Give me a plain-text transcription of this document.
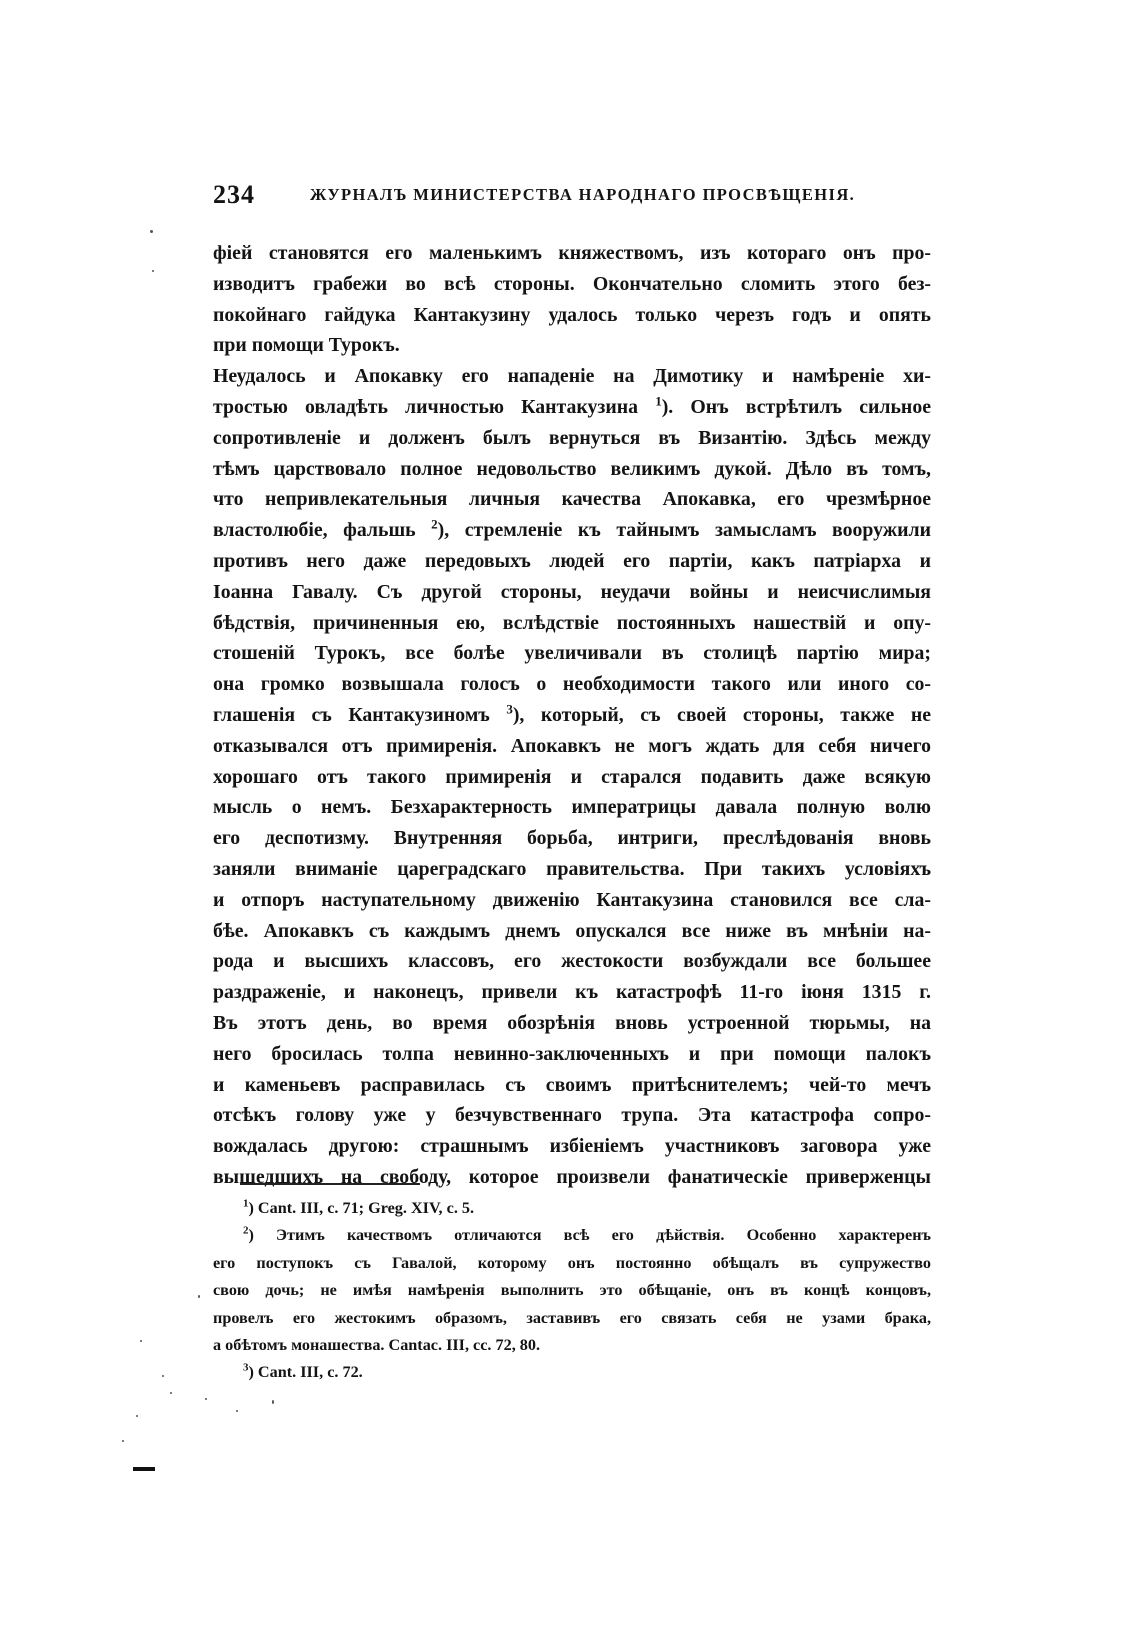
234	ЖУРНАЛЪ МИНИСТЕРСТВА НАРОДНАГО ПРОСВѢЩЕНІЯ.
фіей становятся его маленькимъ княжествомъ, изъ котораго онъ про-
изводитъ грабежи во всѣ стороны. Окончательно сломить этого без-
покойнаго гайдука Кантакузину удалось только черезъ годъ и опять
при помощи Турокъ.
Неудалось и Апокавку его нападеніе на Димотику и намѣреніе хи-
тростью овладѣть личностью Кантакузина $^1$). Онъ встрѣтилъ сильное
сопротивленіе и долженъ былъ вернуться въ Византію. Здѣсь между
тѣмъ царствовало полное недовольство великимъ дукой. Дѣло въ томъ,
что непривлекательныя личныя качества Апокавка, его чрезмѣрное
властолюбіе, фальшь $^2$), стремленіе къ тайнымъ замысламъ вооружили
противъ него даже передовыхъ людей его партіи, какъ патріарха и
Іоанна Гавалу. Съ другой стороны, неудачи войны и неисчислимыя
бѣдствія, причиненныя ею, вслѣдствіе постоянныхъ нашествій и опу-
стошеній Турокъ, все болѣе увеличивали въ столицѣ партію мира;
она громко возвышала голосъ о необходимости такого или иного со-
глашенія съ Кантакузиномъ $^3$), который, съ своей стороны, также не
отказывался отъ примиренія. Апокавкъ не могъ ждать для себя ничего
хорошаго отъ такого примиренія и старался подавить даже всякую
мысль о немъ. Безхарактерность императрицы давала полную волю
его деспотизму. Внутренняя борьба, интриги, преслѣдованія вновь
заняли вниманіе цареградскаго правительства. При такихъ условіяхъ
и отпоръ наступательному движенію Кантакузина становился все сла-
бѣе. Апокавкъ съ каждымъ днемъ опускался все ниже въ мнѣніи на-
рода и высшихъ классовъ, его жестокости возбуждали все большее
раздраженіе, и наконецъ, привели къ катастрофѣ 11-го іюня 1315 г.
Въ этотъ день, во время обозрѣнія вновь устроенной тюрьмы, на
него бросилась толпа невинно-заключенныхъ и при помощи палокъ
и каменьевъ расправилась съ своимъ притѣснителемъ; чей-то мечъ
отсѣкъ голову уже у безчувственнаго трупа. Эта катастрофа сопро-
вождалась другою: страшнымъ избіеніемъ участниковъ заговора уже
вышедшихъ на свободу, которое произвели фанатическіе приверженцы
$^1$) Cant. III, c. 71; Greg. XIV, c. 5.
$^2$) Этимъ качествомъ отличаются всѣ его дѣйствія. Особенно характеренъ
его поступокъ съ Гавалой, которому онъ постоянно обѣщалъ въ супружество
свою дочь; не имѣя намѣренія выполнить это обѣщаніе, онъ въ концѣ концовъ,
провелъ его жестокимъ образомъ, заставивъ его связать себя не узами брака,
а обѣтомъ монашества. Cantac. III, cc. 72, 80.
$^3$) Cant. III, c. 72.
